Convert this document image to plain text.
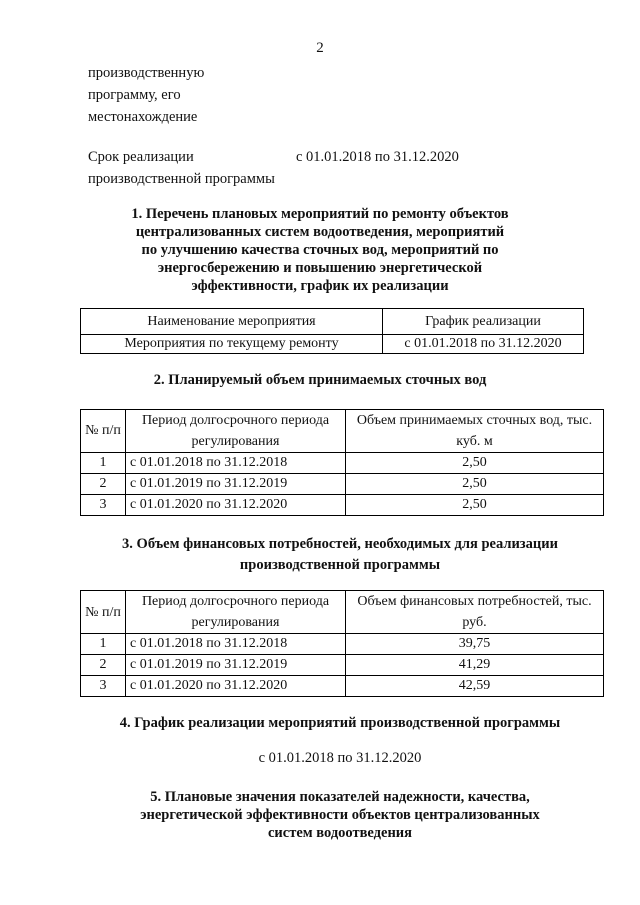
2
производственную
программу, его
местонахождение
Срок реализации
производственной программы
с 01.01.2018 по 31.12.2020
1. Перечень плановых мероприятий по ремонту объектов
централизованных систем водоотведения, мероприятий
по улучшению качества сточных вод, мероприятий по
энергосбережению и повышению энергетической
эффективности, график их реализации
Наименование мероприятия	График реализации
Мероприятия по текущему ремонту	с 01.01.2018 по 31.12.2020
2. Планируемый объем принимаемых сточных вод
№ п/п	Период долгосрочного периода регулирования	Объем принимаемых сточных вод, тыс. куб. м
1	с 01.01.2018 по 31.12.2018	2,50
2	с 01.01.2019 по 31.12.2019	2,50
3	с 01.01.2020 по 31.12.2020	2,50
3. Объем финансовых потребностей, необходимых для реализации
производственной программы
№ п/п	Период долгосрочного периода регулирования	Объем финансовых потребностей, тыс. руб.
1	с 01.01.2018 по 31.12.2018	39,75
2	с 01.01.2019 по 31.12.2019	41,29
3	с 01.01.2020 по 31.12.2020	42,59
4. График реализации мероприятий производственной программы
с 01.01.2018 по 31.12.2020
5. Плановые значения показателей надежности, качества,
энергетической эффективности объектов централизованных
систем водоотведения
